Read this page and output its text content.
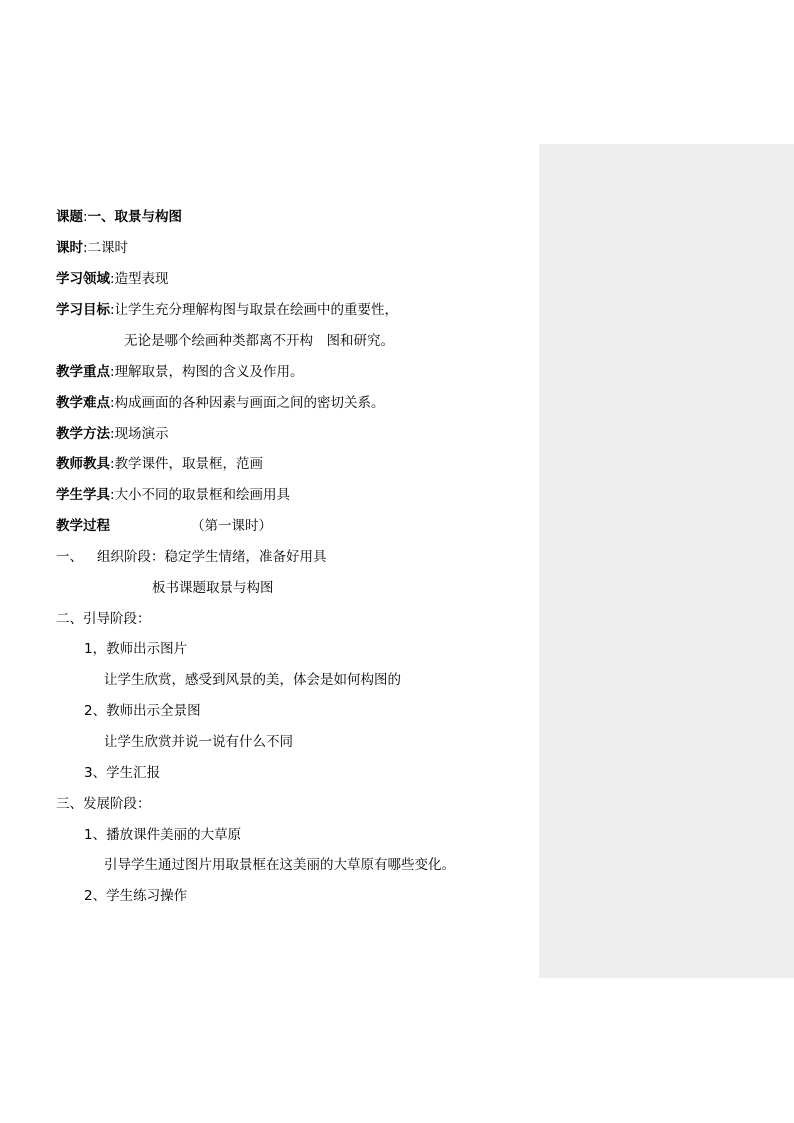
课题:一、取景与构图
课时:二课时
学习领域:造型表现
学习目标:让学生充分理解构图与取景在绘画中的重要性，
无论是哪个绘画种类都离不开构　图和研究。
教学重点:理解取景，构图的含义及作用。
教学难点:构成画面的各种因素与画面之间的密切关系。
教学方法:现场演示
教师教具:教学课件，取景框，范画
学生学具:大小不同的取景框和绘画用具
教学过程	（第一课时）
一、 组织阶段：稳定学生情绪，准备好用具
板书课题取景与构图
二、引导阶段：
1，教师出示图片
让学生欣赏，感受到风景的美，体会是如何构图的
2、教师出示全景图
让学生欣赏并说一说有什么不同
3、学生汇报
三、发展阶段：
1、播放课件美丽的大草原
引导学生通过图片用取景框在这美丽的大草原有哪些变化。
2、学生练习操作
